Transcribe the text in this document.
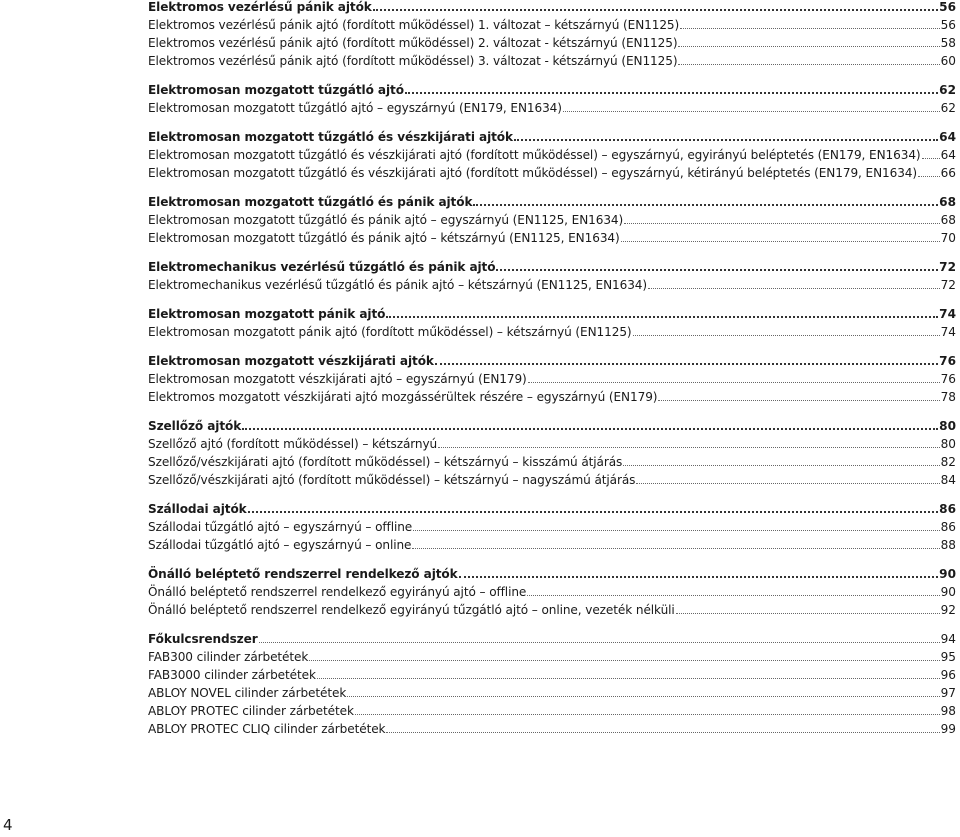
Elektromos vezérlésű pánik ajtók	56
Elektromos vezérlésű pánik ajtó (fordított működéssel) 1. változat – kétszárnyú (EN1125)	56
Elektromos vezérlésű pánik ajtó (fordított működéssel) 2. változat - kétszárnyú (EN1125)	58
Elektromos vezérlésű pánik ajtó (fordított működéssel) 3. változat - kétszárnyú (EN1125)	60
Elektromosan mozgatott tűzgátló ajtó	62
Elektromosan mozgatott tűzgátló ajtó – egyszárnyú (EN179, EN1634)	62
Elektromosan mozgatott tűzgátló és vészkijárati ajtók	64
Elektromosan mozgatott tűzgátló és vészkijárati ajtó (fordított működéssel) – egyszárnyú, egyirányú beléptetés (EN179, EN1634) 64
Elektromosan mozgatott tűzgátló és vészkijárati ajtó (fordított működéssel) – egyszárnyú, kétirányú beléptetés (EN179, EN1634) 66
Elektromosan mozgatott tűzgátló és pánik ajtók	68
Elektromosan mozgatott tűzgátló és pánik ajtó – egyszárnyú (EN1125, EN1634)	68
Elektromosan mozgatott tűzgátló és pánik ajtó – kétszárnyú (EN1125, EN1634)	70
Elektromechanikus vezérlésű tűzgátló és pánik ajtó	72
Elektromechanikus vezérlésű tűzgátló és pánik ajtó – kétszárnyú (EN1125, EN1634)	72
Elektromosan mozgatott pánik ajtó	74
Elektromosan mozgatott pánik ajtó (fordított működéssel) – kétszárnyú (EN1125)	74
Elektromosan mozgatott vészkijárati ajtók	76
Elektromosan mozgatott vészkijárati ajtó – egyszárnyú (EN179)	76
Elektromos mozgatott vészkijárati ajtó mozgássérültek részére – egyszárnyú (EN179)	78
Szellőző ajtók	80
Szellőző ajtó (fordított működéssel) – kétszárnyú	80
Szellőző/vészkijárati ajtó (fordított működéssel) – kétszárnyú – kisszámú átjárás	82
Szellőző/vészkijárati ajtó (fordított működéssel) – kétszárnyú – nagyszámú átjárás	84
Szállodai ajtók	86
Szállodai tűzgátló ajtó – egyszárnyú – offline	86
Szállodai tűzgátló ajtó – egyszárnyú – online	88
Önálló beléptető rendszerrel rendelkező ajtók	90
Önálló beléptető rendszerrel rendelkező egyirányú ajtó – offline	90
Önálló beléptető rendszerrel rendelkező egyirányú tűzgátló ajtó – online, vezeték nélküli	92
Főkulcsrendszer	94
FAB300 cilinder zárbetétek	95
FAB3000 cilinder zárbetétek	96
ABLOY NOVEL cilinder zárbetétek	97
ABLOY PROTEC cilinder zárbetétek	98
ABLOY PROTEC CLIQ cilinder zárbetétek	99
4
